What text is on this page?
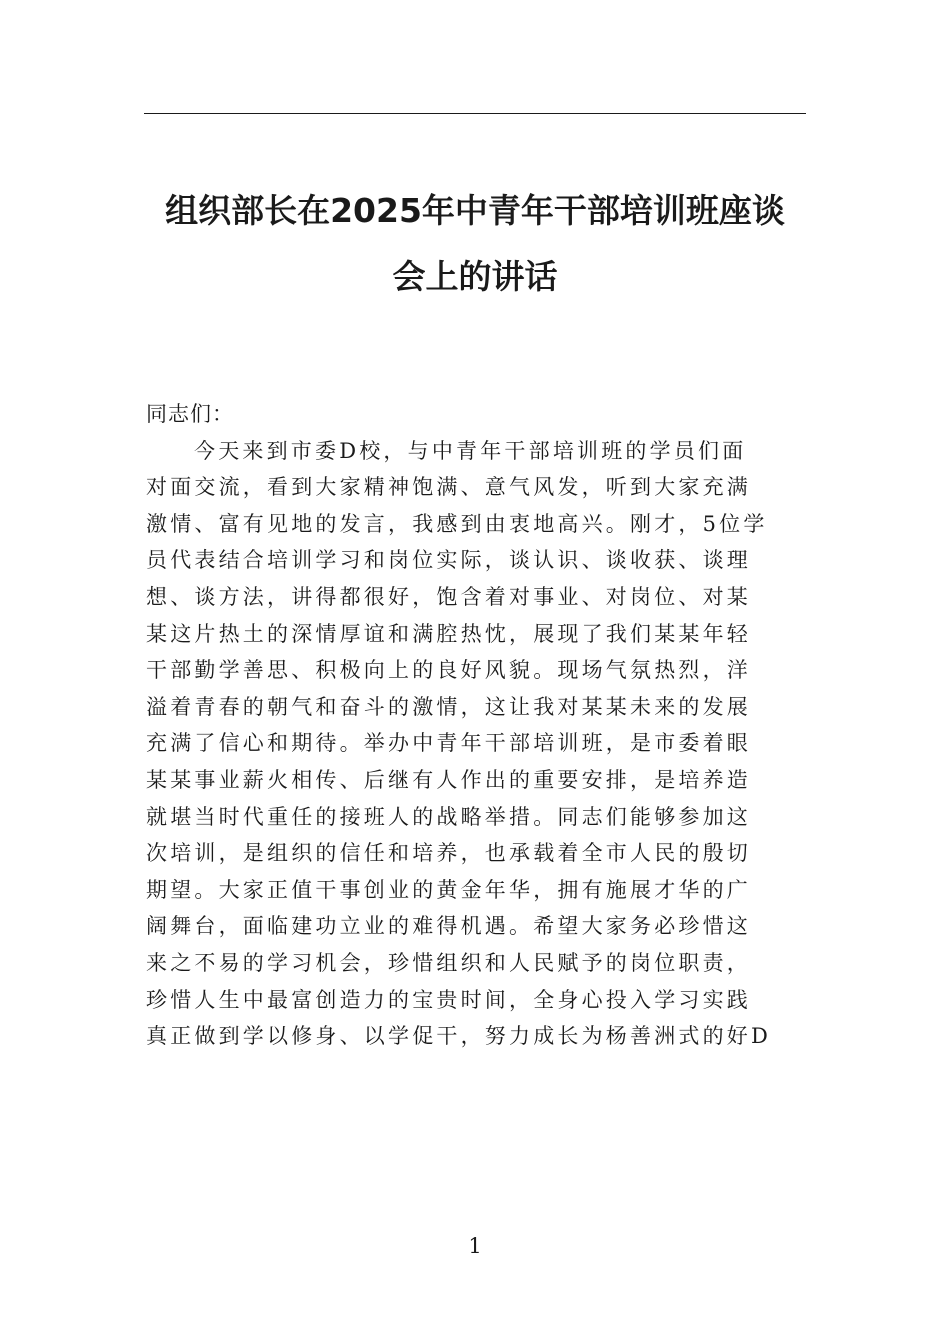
组织部长在2025年中青年干部培训班座谈
会上的讲话

同志们：

今天来到市委D校，与中青年干部培训班的学员们面
对面交流，看到大家精神饱满、意气风发，听到大家充满
激情、富有见地的发言，我感到由衷地高兴。刚才，5位学
员代表结合培训学习和岗位实际，谈认识、谈收获、谈理
想、谈方法，讲得都很好，饱含着对事业、对岗位、对某
某这片热土的深情厚谊和满腔热忱，展现了我们某某年轻
干部勤学善思、积极向上的良好风貌。现场气氛热烈，洋
溢着青春的朝气和奋斗的激情，这让我对某某未来的发展
充满了信心和期待。举办中青年干部培训班，是市委着眼
某某事业薪火相传、后继有人作出的重要安排，是培养造
就堪当时代重任的接班人的战略举措。同志们能够参加这
次培训，是组织的信任和培养，也承载着全市人民的殷切
期望。大家正值干事创业的黄金年华，拥有施展才华的广
阔舞台，面临建功立业的难得机遇。希望大家务必珍惜这
来之不易的学习机会，珍惜组织和人民赋予的岗位职责，
珍惜人生中最富创造力的宝贵时间，全身心投入学习实践
真正做到学以修身、以学促干，努力成长为杨善洲式的好D
1
